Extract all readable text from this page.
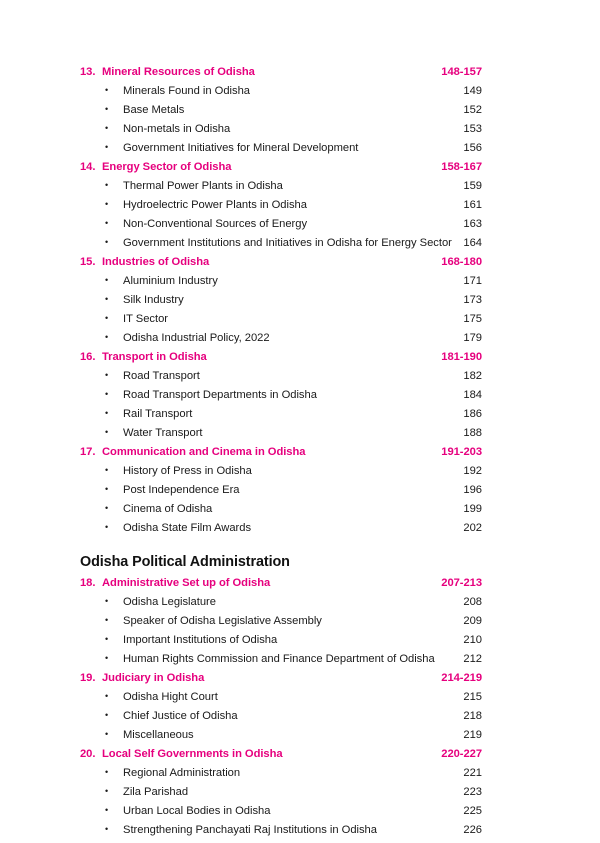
13. Mineral Resources of Odisha	148-157
•	Minerals Found in Odisha	149
•	Base Metals	152
•	Non-metals in Odisha	153
•	Government Initiatives for Mineral Development	156
14. Energy Sector of Odisha	158-167
•	Thermal Power Plants in Odisha	159
•	Hydroelectric Power Plants in Odisha	161
•	Non-Conventional Sources of Energy	163
•	Government Institutions and Initiatives in Odisha for Energy Sector	164
15. Industries of Odisha	168-180
•	Aluminium Industry	171
•	Silk Industry	173
•	IT Sector	175
•	Odisha Industrial Policy, 2022	179
16. Transport in Odisha	181-190
•	Road Transport	182
•	Road Transport Departments in Odisha	184
•	Rail Transport	186
•	Water Transport	188
17. Communication and Cinema in Odisha	191-203
•	History of Press in Odisha	192
•	Post Independence Era	196
•	Cinema of Odisha	199
•	Odisha State Film Awards	202
Odisha Political Administration
18. Administrative Set up of Odisha	207-213
•	Odisha Legislature	208
•	Speaker of Odisha Legislative Assembly	209
•	Important Institutions of Odisha	210
•	Human Rights Commission and Finance Department of Odisha	212
19. Judiciary in Odisha	214-219
•	Odisha Hight Court	215
•	Chief Justice of Odisha	218
•	Miscellaneous	219
20. Local Self Governments in Odisha	220-227
•	Regional Administration	221
•	Zila Parishad	223
•	Urban Local Bodies in Odisha	225
•	Strengthening Panchayati Raj Institutions in Odisha	226
